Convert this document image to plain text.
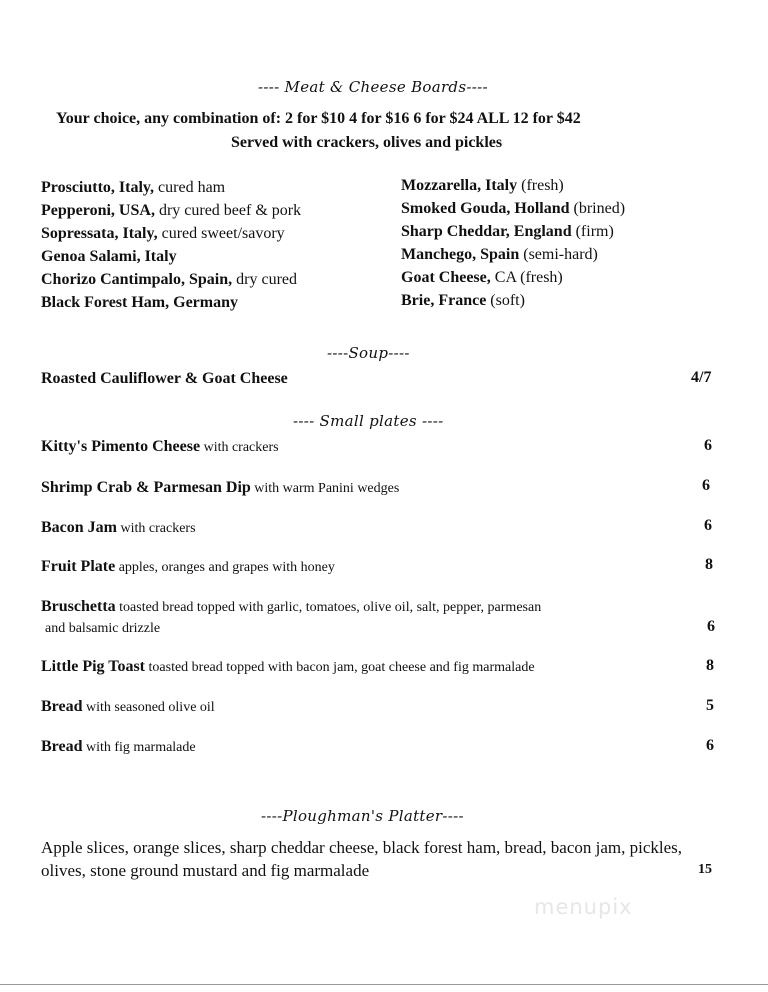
---- Meat & Cheese Boards----
Your choice, any combination of: 2 for $10 4 for $16 6 for $24 ALL 12 for $42
Served with crackers, olives and pickles
Prosciutto, Italy, cured ham
Pepperoni, USA, dry cured beef & pork
Sopressata, Italy, cured sweet/savory
Genoa Salami, Italy
Chorizo Cantimpalo, Spain, dry cured
Black Forest Ham, Germany
Mozzarella, Italy (fresh)
Smoked Gouda, Holland (brined)
Sharp Cheddar, England (firm)
Manchego, Spain (semi-hard)
Goat Cheese, CA (fresh)
Brie, France (soft)
----Soup----
Roasted Cauliflower & Goat Cheese	4/7
---- Small plates ----
Kitty's Pimento Cheese with crackers	6
Shrimp Crab & Parmesan Dip with warm Panini wedges	6
Bacon Jam with crackers	6
Fruit Plate apples, oranges and grapes with honey	8
Bruschetta toasted bread topped with garlic, tomatoes, olive oil, salt, pepper, parmesan
and balsamic drizzle	6
Little Pig Toast toasted bread topped with bacon jam, goat cheese and fig marmalade	8
Bread with seasoned olive oil	5
Bread with fig marmalade	6
----Ploughman's Platter----
Apple slices, orange slices, sharp cheddar cheese, black forest ham, bread, bacon jam, pickles,
olives, stone ground mustard and fig marmalade	15
menupix
